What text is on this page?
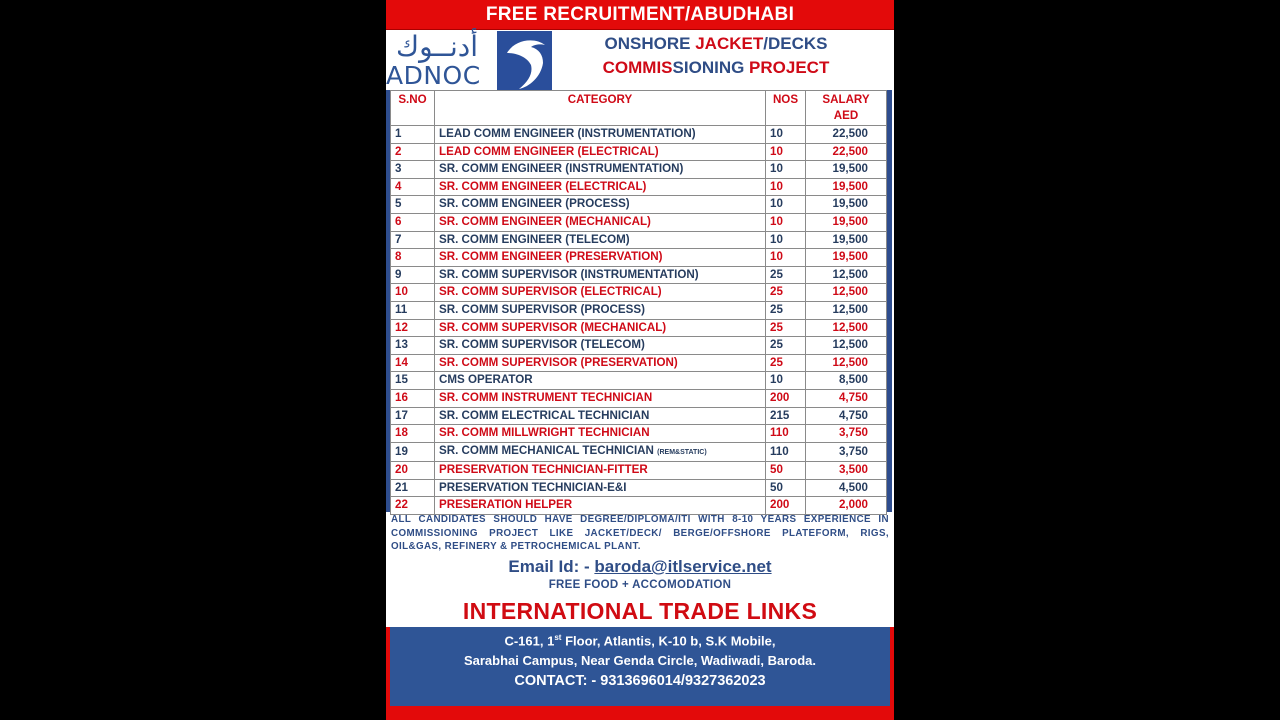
FREE RECRUITMENT/ABUDHABI
أدنــوك
ADNOC
ONSHORE JACKET/DECKS
COMMISSIONING PROJECT
S.NO	CATEGORY	NOS	SALARY AED
1	LEAD COMM ENGINEER (INSTRUMENTATION)	10	22,500
2	LEAD COMM ENGINEER (ELECTRICAL)	10	22,500
3	SR. COMM ENGINEER (INSTRUMENTATION)	10	19,500
4	SR. COMM ENGINEER (ELECTRICAL)	10	19,500
5	SR. COMM ENGINEER (PROCESS)	10	19,500
6	SR. COMM ENGINEER (MECHANICAL)	10	19,500
7	SR. COMM ENGINEER (TELECOM)	10	19,500
8	SR. COMM ENGINEER (PRESERVATION)	10	19,500
9	SR. COMM SUPERVISOR (INSTRUMENTATION)	25	12,500
10	SR. COMM SUPERVISOR (ELECTRICAL)	25	12,500
11	SR. COMM SUPERVISOR (PROCESS)	25	12,500
12	SR. COMM SUPERVISOR (MECHANICAL)	25	12,500
13	SR. COMM SUPERVISOR (TELECOM)	25	12,500
14	SR. COMM SUPERVISOR (PRESERVATION)	25	12,500
15	CMS OPERATOR	10	8,500
16	SR. COMM INSTRUMENT TECHNICIAN	200	4,750
17	SR. COMM ELECTRICAL TECHNICIAN	215	4,750
18	SR. COMM MILLWRIGHT TECHNICIAN	110	3,750
19	SR. COMM MECHANICAL TECHNICIAN (REM&STATIC)	110	3,750
20	PRESERVATION TECHNICIAN-FITTER	50	3,500
21	PRESERVATION TECHNICIAN-E&I	50	4,500
22	PRESERATION HELPER	200	2,000
ALL CANDIDATES SHOULD HAVE DEGREE/DIPLOMA/ITI WITH 8-10 YEARS EXPERIENCE IN COMMISSIONING PROJECT LIKE JACKET/DECK/ BERGE/OFFSHORE PLATEFORM, RIGS, OIL&GAS, REFINERY & PETROCHEMICAL PLANT.
Email Id: - baroda@itlservice.net
FREE FOOD + ACCOMODATION
INTERNATIONAL TRADE LINKS
C-161, 1st Floor, Atlantis, K-10 b, S.K Mobile,
Sarabhai Campus, Near Genda Circle, Wadiwadi, Baroda.
CONTACT: - 9313696014/9327362023
